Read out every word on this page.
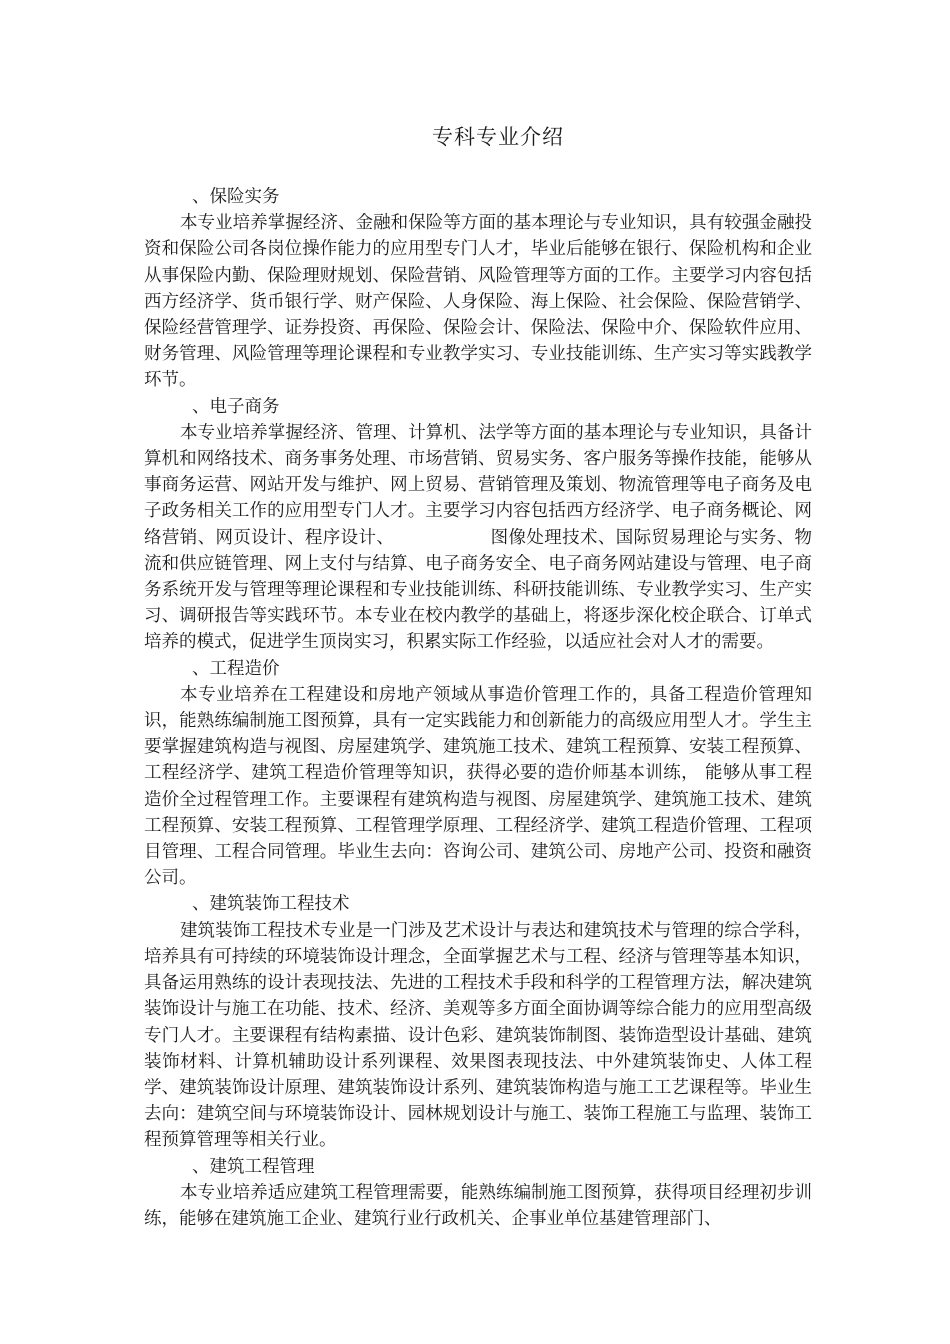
专科专业介绍
、保险实务

本专业培养掌握经济、金融和保险等方面的基本理论与专业知识，具有较强金融投资和保险公司各岗位操作能力的应用型专门人才，毕业后能够在银行、保险机构和企业从事保险内勤、保险理财规划、保险营销、风险管理等方面的工作。主要学习内容包括西方经济学、货币银行学、财产保险、人身保险、海上保险、社会保险、保险营销学、保险经营管理学、证券投资、再保险、保险会计、保险法、保险中介、保险软件应用、财务管理、风险管理等理论课程和专业教学实习、专业技能训练、生产实习等实践教学环节。

、电子商务

本专业培养掌握经济、管理、计算机、法学等方面的基本理论与专业知识，具备计算机和网络技术、商务事务处理、市场营销、贸易实务、客户服务等操作技能，能够从事商务运营、网站开发与维护、网上贸易、营销管理及策划、物流管理等电子商务及电子政务相关工作的应用型专门人才。主要学习内容包括西方经济学、电子商务概论、网络营销、网页设计、程序设计、	图像处理技术、国际贸易理论与实务、物流和供应链管理、网上支付与结算、电子商务安全、电子商务网站建设与管理、电子商务系统开发与管理等理论课程和专业技能训练、科研技能训练、专业教学实习、生产实习、调研报告等实践环节。本专业在校内教学的基础上，将逐步深化校企联合、订单式培养的模式，促进学生顶岗实习，积累实际工作经验，以适应社会对人才的需要。

、工程造价

本专业培养在工程建设和房地产领域从事造价管理工作的，具备工程造价管理知识，能熟练编制施工图预算，具有一定实践能力和创新能力的高级应用型人才。学生主要掌握建筑构造与视图、房屋建筑学、建筑施工技术、建筑工程预算、安装工程预算、工程经济学、建筑工程造价管理等知识，获得必要的造价师基本训练， 能够从事工程造价全过程管理工作。主要课程有建筑构造与视图、房屋建筑学、建筑施工技术、建筑工程预算、安装工程预算、工程管理学原理、工程经济学、建筑工程造价管理、工程项目管理、工程合同管理。毕业生去向：咨询公司、建筑公司、房地产公司、投资和融资公司。

、建筑装饰工程技术

建筑装饰工程技术专业是一门涉及艺术设计与表达和建筑技术与管理的综合学科，培养具有可持续的环境装饰设计理念，全面掌握艺术与工程、经济与管理等基本知识，具备运用熟练的设计表现技法、先进的工程技术手段和科学的工程管理方法，解决建筑装饰设计与施工在功能、技术、经济、美观等多方面全面协调等综合能力的应用型高级专门人才。主要课程有结构素描、设计色彩、建筑装饰制图、装饰造型设计基础、建筑装饰材料、计算机辅助设计系列课程、效果图表现技法、中外建筑装饰史、人体工程学、建筑装饰设计原理、建筑装饰设计系列、建筑装饰构造与施工工艺课程等。毕业生去向：建筑空间与环境装饰设计、园林规划设计与施工、装饰工程施工与监理、装饰工程预算管理等相关行业。

、建筑工程管理

本专业培养适应建筑工程管理需要，能熟练编制施工图预算，获得项目经理初步训练，能够在建筑施工企业、建筑行业行政机关、企事业单位基建管理部门、
